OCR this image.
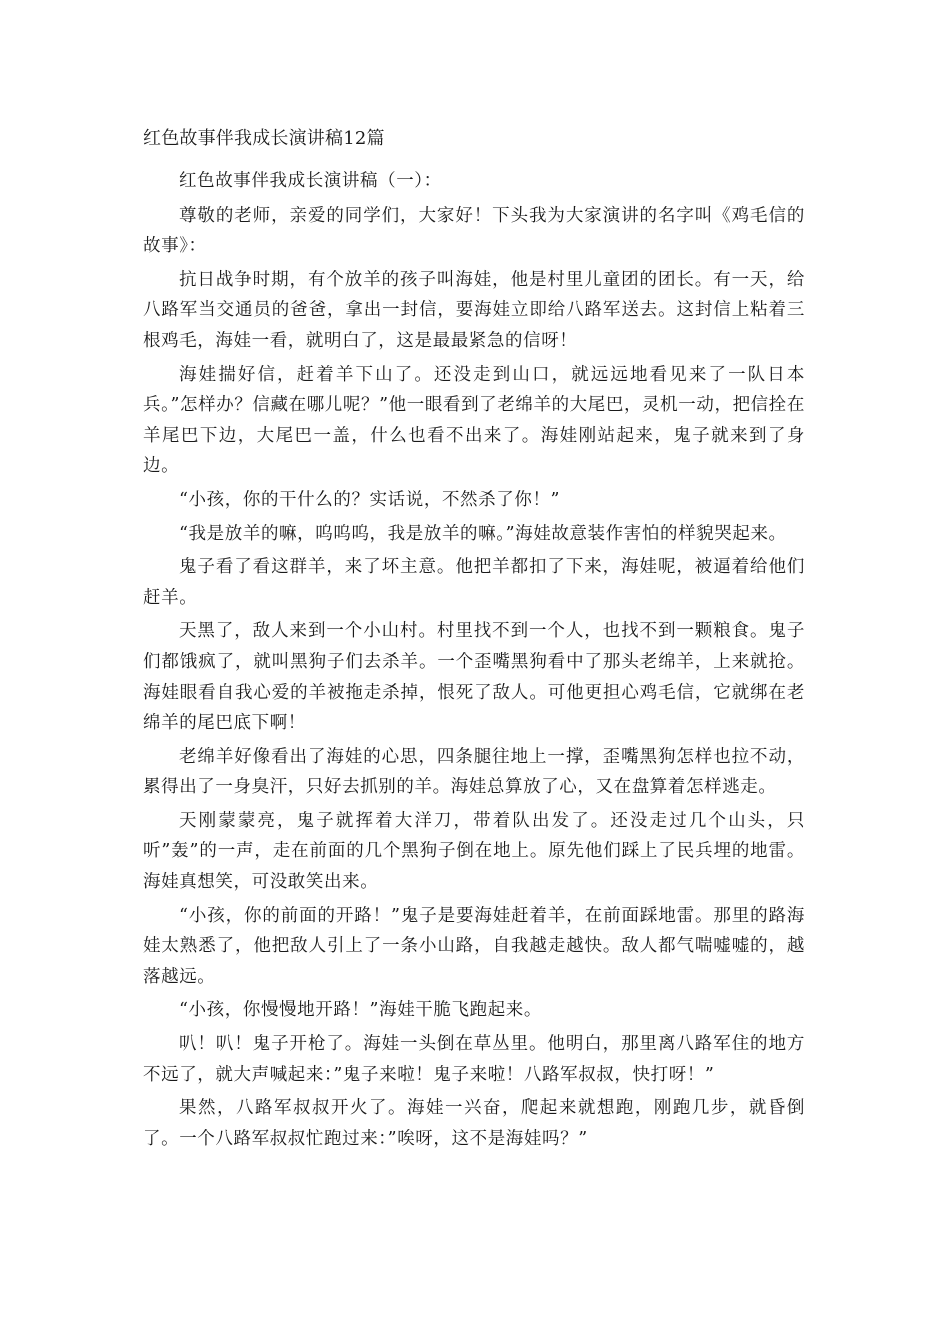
红色故事伴我成长演讲稿12篇

红色故事伴我成长演讲稿（一）：

尊敬的老师，亲爱的同学们，大家好！下头我为大家演讲的名字叫《鸡毛信的故事》：

抗日战争时期，有个放羊的孩子叫海娃，他是村里儿童团的团长。有一天，给八路军当交通员的爸爸，拿出一封信，要海娃立即给八路军送去。这封信上粘着三根鸡毛，海娃一看，就明白了，这是最最紧急的信呀！

海娃揣好信，赶着羊下山了。还没走到山口，就远远地看见来了一队日本兵。”怎样办？信藏在哪儿呢？”他一眼看到了老绵羊的大尾巴，灵机一动，把信拴在羊尾巴下边，大尾巴一盖，什么也看不出来了。海娃刚站起来，鬼子就来到了身边。

“小孩，你的干什么的？实话说，不然杀了你！”

“我是放羊的嘛，呜呜呜，我是放羊的嘛。”海娃故意装作害怕的样貌哭起来。

鬼子看了看这群羊，来了坏主意。他把羊都扣了下来，海娃呢，被逼着给他们赶羊。

天黑了，敌人来到一个小山村。村里找不到一个人，也找不到一颗粮食。鬼子们都饿疯了，就叫黑狗子们去杀羊。一个歪嘴黑狗看中了那头老绵羊，上来就抢。海娃眼看自我心爱的羊被拖走杀掉，恨死了敌人。可他更担心鸡毛信，它就绑在老绵羊的尾巴底下啊！

老绵羊好像看出了海娃的心思，四条腿往地上一撑，歪嘴黑狗怎样也拉不动，累得出了一身臭汗，只好去抓别的羊。海娃总算放了心，又在盘算着怎样逃走。

天刚蒙蒙亮，鬼子就挥着大洋刀，带着队出发了。还没走过几个山头，只听”轰”的一声，走在前面的几个黑狗子倒在地上。原先他们踩上了民兵埋的地雷。海娃真想笑，可没敢笑出来。

“小孩，你的前面的开路！”鬼子是要海娃赶着羊，在前面踩地雷。那里的路海娃太熟悉了，他把敌人引上了一条小山路，自我越走越快。敌人都气喘嘘嘘的，越落越远。

“小孩，你慢慢地开路！”海娃干脆飞跑起来。

叭！叭！鬼子开枪了。海娃一头倒在草丛里。他明白，那里离八路军住的地方不远了，就大声喊起来：”鬼子来啦！鬼子来啦！八路军叔叔，快打呀！”

果然，八路军叔叔开火了。海娃一兴奋，爬起来就想跑，刚跑几步，就昏倒了。一个八路军叔叔忙跑过来：”唉呀，这不是海娃吗？”
